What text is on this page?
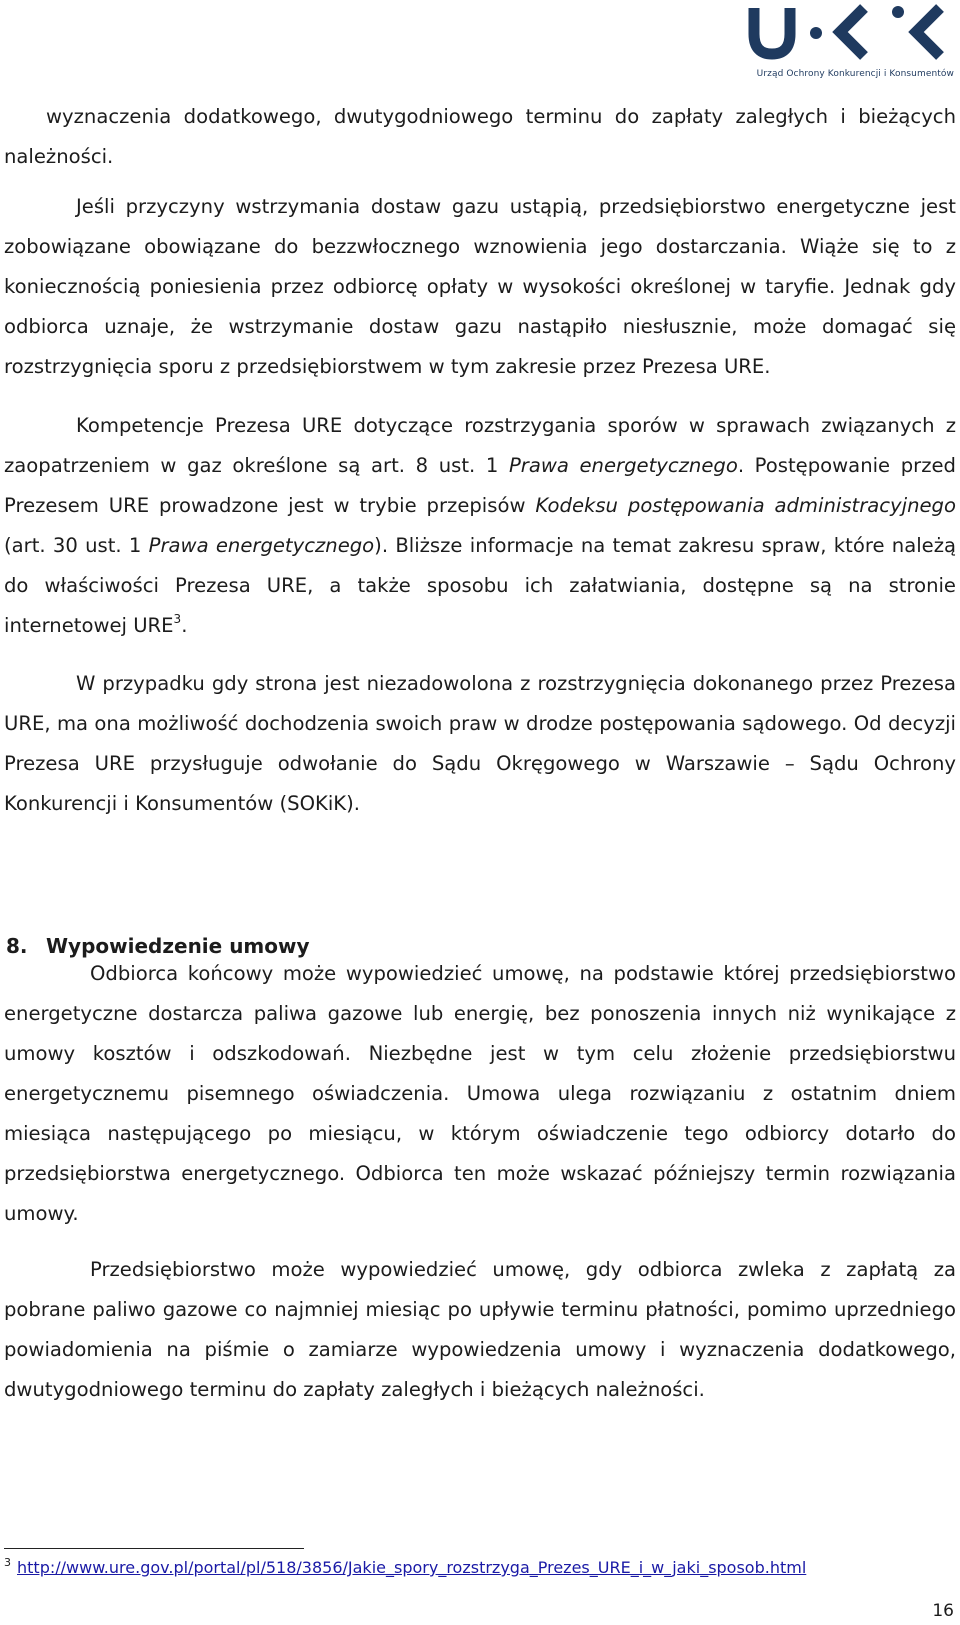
Urząd Ochrony Konkurencji i Konsumentów

wyznaczenia dodatkowego, dwutygodniowego terminu do zapłaty zaległych i bieżących należności.

Jeśli przyczyny wstrzymania dostaw gazu ustąpią, przedsiębiorstwo energetyczne jest zobowiązane obowiązane do bezzwłocznego wznowienia jego dostarczania. Wiąże się to z koniecznością poniesienia przez odbiorcę opłaty w wysokości określonej w taryfie. Jednak gdy odbiorca uznaje, że wstrzymanie dostaw gazu nastąpiło niesłusznie, może domagać się rozstrzygnięcia sporu z przedsiębiorstwem w tym zakresie przez Prezesa URE.

Kompetencje Prezesa URE dotyczące rozstrzygania sporów w sprawach związanych z zaopatrzeniem w gaz określone są art. 8 ust. 1 Prawa energetycznego. Postępowanie przed Prezesem URE prowadzone jest w trybie przepisów Kodeksu postępowania administracyjnego (art. 30 ust. 1 Prawa energetycznego). Bliższe informacje na temat zakresu spraw, które należą do właściwości Prezesa URE, a także sposobu ich załatwiania, dostępne są na stronie internetowej URE$^3$.

W przypadku gdy strona jest niezadowolona z rozstrzygnięcia dokonanego przez Prezesa URE, ma ona możliwość dochodzenia swoich praw w drodze postępowania sądowego. Od decyzji Prezesa URE przysługuje odwołanie do Sądu Okręgowego w Warszawie – Sądu Ochrony Konkurencji i Konsumentów (SOKiK).

8. Wypowiedzenie umowy

Odbiorca końcowy może wypowiedzieć umowę, na podstawie której przedsiębiorstwo energetyczne dostarcza paliwa gazowe lub energię, bez ponoszenia innych niż wynikające z umowy kosztów i odszkodowań. Niezbędne jest w tym celu złożenie przedsiębiorstwu energetycznemu pisemnego oświadczenia. Umowa ulega rozwiązaniu z ostatnim dniem miesiąca następującego po miesiącu, w którym oświadczenie tego odbiorcy dotarło do przedsiębiorstwa energetycznego. Odbiorca ten może wskazać późniejszy termin rozwiązania umowy.

Przedsiębiorstwo może wypowiedzieć umowę, gdy odbiorca zwleka z zapłatą za pobrane paliwo gazowe co najmniej miesiąc po upływie terminu płatności, pomimo uprzedniego powiadomienia na piśmie o zamiarze wypowiedzenia umowy i wyznaczenia dodatkowego, dwutygodniowego terminu do zapłaty zaległych i bieżących należności.

$^3$ http://www.ure.gov.pl/portal/pl/518/3856/Jakie_spory_rozstrzyga_Prezes_URE_i_w_jaki_sposob.html
16
